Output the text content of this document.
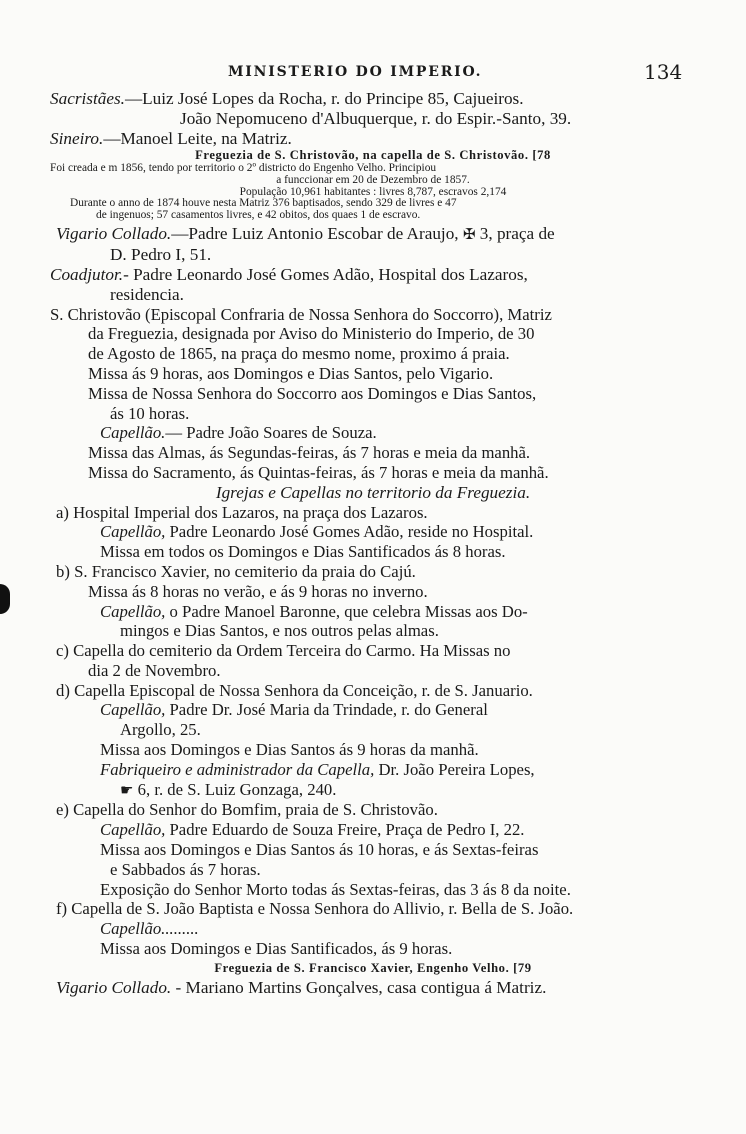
MINISTERIO DO IMPERIO.	134
Sacristães.—Luiz José Lopes da Rocha, r. do Principe 85, Cajueiros.
João Nepomuceno d'Albuquerque, r. do Espir.-Santo, 39.
Sineiro.—Manoel Leite, na Matriz.
Freguezia de S. Christovão, na capella de S. Christovão. [78
Foi creada e m 1856, tendo por territorio o 2º districto do Engenho Velho. Principiou
a funccionar em 20 de Dezembro de 1857.
População 10,961 habitantes : livres 8,787, escravos 2,174
Durante o anno de 1874 houve nesta Matriz 376 baptisados, sendo 329 de livres e 47
de ingenuos; 57 casamentos livres, e 42 obitos, dos quaes 1 de escravo.
Vigario Collado.—Padre Luiz Antonio Escobar de Araujo, ✠ 3, praça de
D. Pedro I, 51.
Coadjutor.- Padre Leonardo José Gomes Adão, Hospital dos Lazaros,
residencia.
S. Christovão (Episcopal Confraria de Nossa Senhora do Soccorro), Matriz
da Freguezia, designada por Aviso do Ministerio do Imperio, de 30
de Agosto de 1865, na praça do mesmo nome, proximo á praia.
Missa ás 9 horas, aos Domingos e Dias Santos, pelo Vigario.
Missa de Nossa Senhora do Soccorro aos Domingos e Dias Santos,
ás 10 horas.
Capellão.— Padre João Soares de Souza.
Missa das Almas, ás Segundas-feiras, ás 7 horas e meia da manhã.
Missa do Sacramento, ás Quintas-feiras, ás 7 horas e meia da manhã.
Igrejas e Capellas no territorio da Freguezia.
a) Hospital Imperial dos Lazaros, na praça dos Lazaros.
Capellão, Padre Leonardo José Gomes Adão, reside no Hospital.
Missa em todos os Domingos e Dias Santificados ás 8 horas.
b) S. Francisco Xavier, no cemiterio da praia do Cajú.
Missa ás 8 horas no verão, e ás 9 horas no inverno.
Capellão, o Padre Manoel Baronne, que celebra Missas aos Do-
mingos e Dias Santos, e nos outros pelas almas.
c) Capella do cemiterio da Ordem Terceira do Carmo. Ha Missas no
dia 2 de Novembro.
d) Capella Episcopal de Nossa Senhora da Conceição, r. de S. Januario.
Capellão, Padre Dr. José Maria da Trindade, r. do General
Argollo, 25.
Missa aos Domingos e Dias Santos ás 9 horas da manhã.
Fabriqueiro e administrador da Capella, Dr. João Pereira Lopes,
☛ 6, r. de S. Luiz Gonzaga, 240.
e) Capella do Senhor do Bomfim, praia de S. Christovão.
Capellão, Padre Eduardo de Souza Freire, Praça de Pedro I, 22.
Missa aos Domingos e Dias Santos ás 10 horas, e ás Sextas-feiras
e Sabbados ás 7 horas.
Exposição do Senhor Morto todas ás Sextas-feiras, das 3 ás 8 da noite.
f) Capella de S. João Baptista e Nossa Senhora do Allivio, r. Bella de S. João.
Capellão.........
Missa aos Domingos e Dias Santificados, ás 9 horas.
Freguezia de S. Francisco Xavier, Engenho Velho. [79
Vigario Collado. - Mariano Martins Gonçalves, casa contigua á Matriz.
